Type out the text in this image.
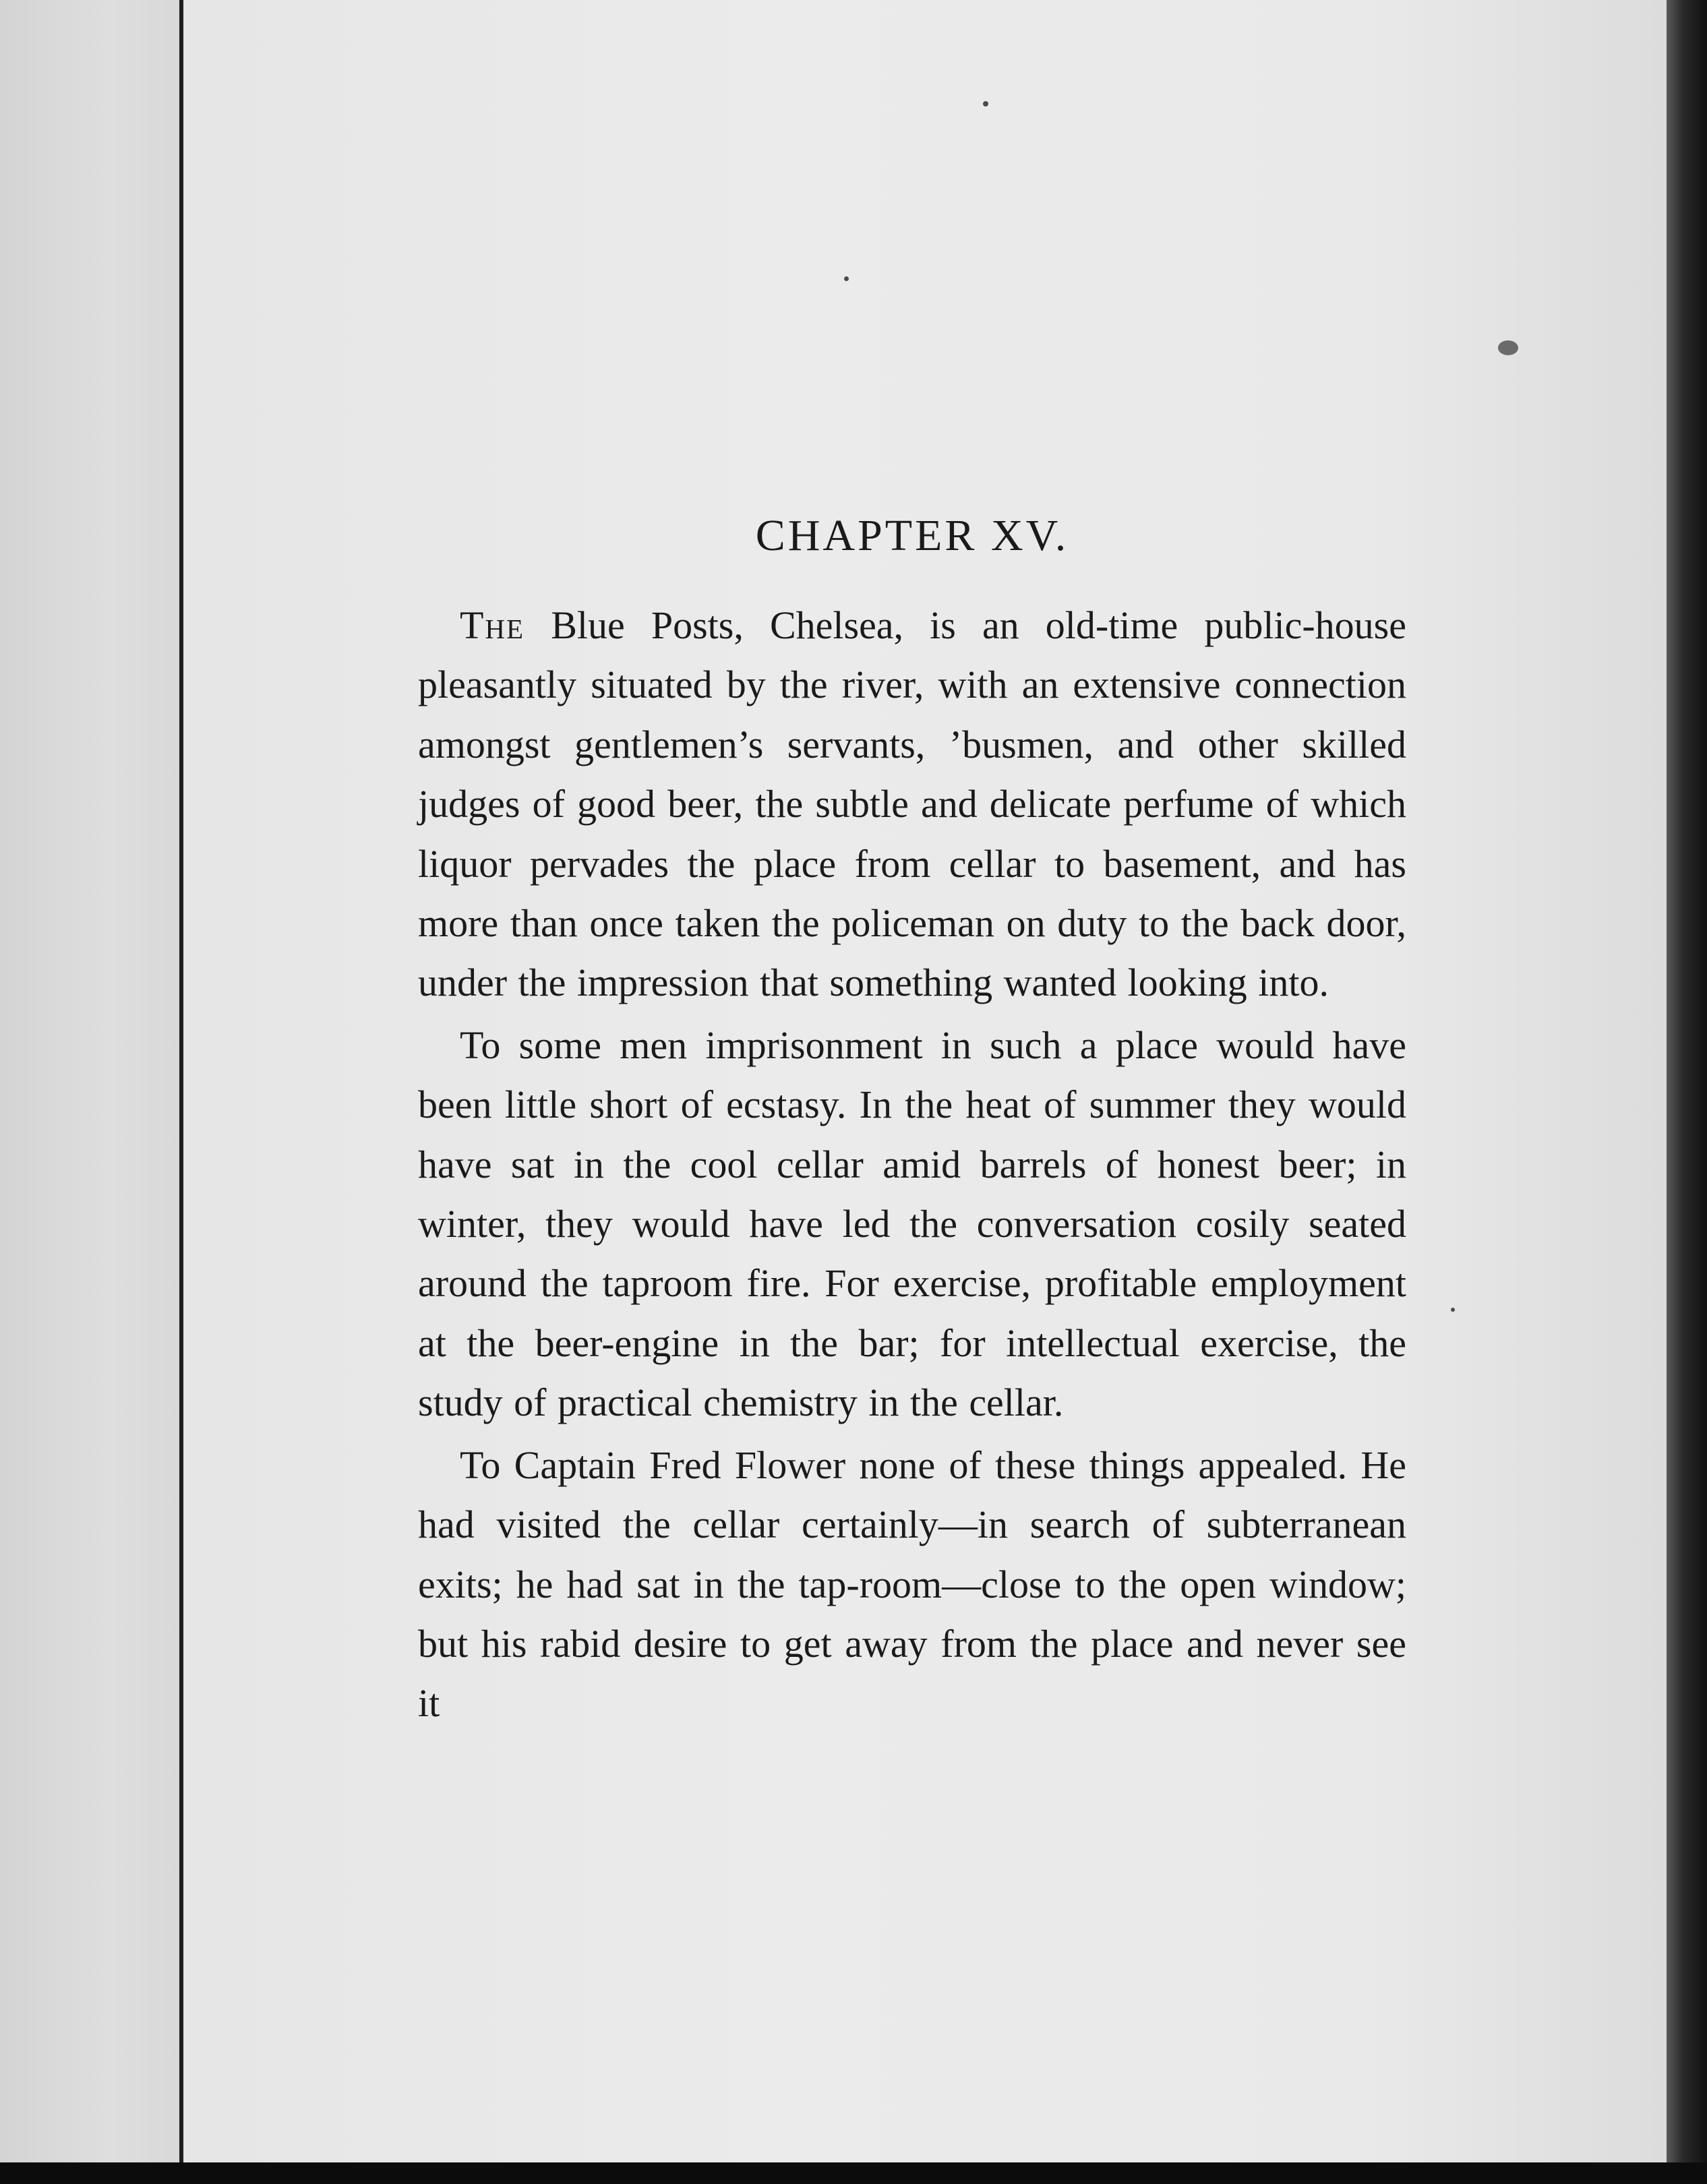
CHAPTER XV.

The Blue Posts, Chelsea, is an old-time public-house pleasantly situated by the river, with an extensive connection amongst gentlemen’s servants, ’busmen, and other skilled judges of good beer, the subtle and delicate perfume of which liquor pervades the place from cellar to basement, and has more than once taken the policeman on duty to the back door, under the impression that something wanted looking into.

To some men imprisonment in such a place would have been little short of ecstasy. In the heat of summer they would have sat in the cool cellar amid barrels of honest beer; in winter, they would have led the conversation cosily seated around the taproom fire. For exercise, profitable employment at the beer-engine in the bar; for intellectual exercise, the study of practical chemistry in the cellar.

To Captain Fred Flower none of these things appealed. He had visited the cellar certainly—in search of subterranean exits; he had sat in the tap-room—close to the open window; but his rabid desire to get away from the place and never see it
